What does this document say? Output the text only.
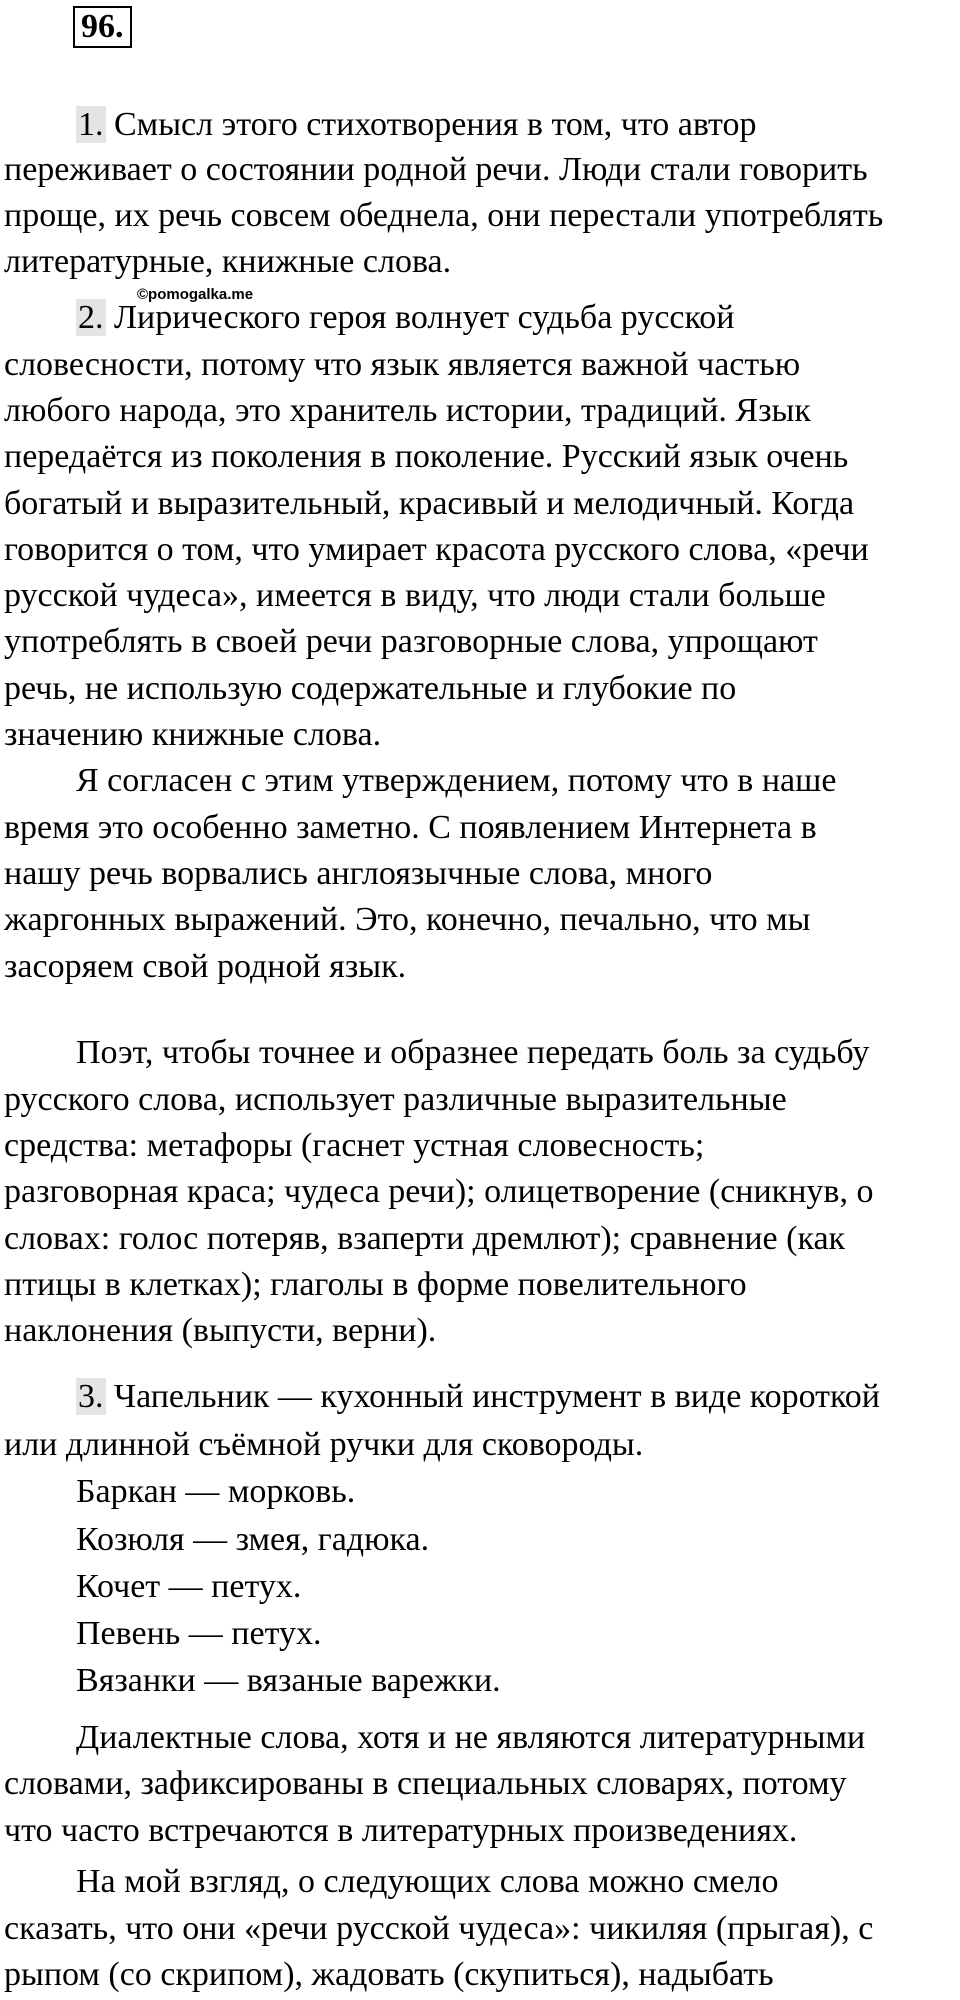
96.
©pomogalka.me
1. Смысл этого стихотворения в том, что автор
переживает о состоянии родной речи. Люди стали говорить
проще, их речь совсем обеднела, они перестали употреблять
литературные, книжные слова.
2. Лирического героя волнует судьба русской
словесности, потому что язык является важной частью
любого народа, это хранитель истории, традиций. Язык
передаётся из поколения в поколение. Русский язык очень
богатый и выразительный, красивый и мелодичный. Когда
говорится о том, что умирает красота русского слова, «речи
русской чудеса», имеется в виду, что люди стали больше
употреблять в своей речи разговорные слова, упрощают
речь, не использую содержательные и глубокие по
значению книжные слова.
Я согласен с этим утверждением, потому что в наше
время это особенно заметно. С появлением Интернета в
нашу речь ворвались англоязычные слова, много
жаргонных выражений. Это, конечно, печально, что мы
засоряем свой родной язык.
Поэт, чтобы точнее и образнее передать боль за судьбу
русского слова, использует различные выразительные
средства: метафоры (гаснет устная словесность;
разговорная краса; чудеса речи); олицетворение (сникнув, о
словах: голос потеряв, взаперти дремлют); сравнение (как
птицы в клетках); глаголы в форме повелительного
наклонения (выпусти, верни).
3. Чапельник — кухонный инструмент в виде короткой
или длинной съёмной ручки для сковороды.
Баркан — морковь.
Козюля — змея, гадюка.
Кочет — петух.
Певень — петух.
Вязанки — вязаные варежки.
Диалектные слова, хотя и не являются литературными
словами, зафиксированы в специальных словарях, потому
что часто встречаются в литературных произведениях.
На мой взгляд, о следующих слова можно смело
сказать, что они «речи русской чудеса»: чикиляя (прыгая), с
рыпом (со скрипом), жадовать (скупиться), надыбать
